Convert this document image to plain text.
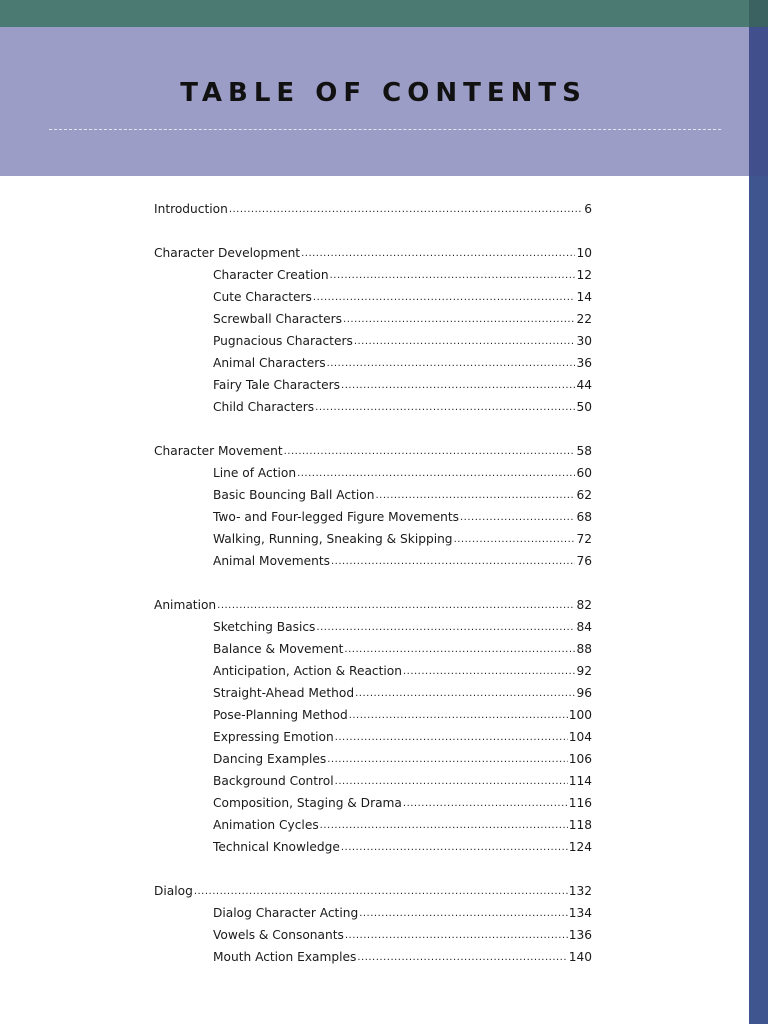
TABLE OF CONTENTS
Introduction .....	6
Character Development .....	10
Character Creation .....	12
Cute Characters .....	14
Screwball Characters .....	22
Pugnacious Characters .....	30
Animal Characters .....	36
Fairy Tale Characters .....	44
Child Characters .....	50
Character Movement .....	58
Line of Action .....	60
Basic Bouncing Ball Action .....	62
Two- and Four-legged Figure Movements .....	68
Walking, Running, Sneaking & Skipping .....	72
Animal Movements .....	76
Animation .....	82
Sketching Basics .....	84
Balance & Movement .....	88
Anticipation, Action & Reaction .....	92
Straight-Ahead Method .....	96
Pose-Planning Method .....	100
Expressing Emotion .....	104
Dancing Examples .....	106
Background Control .....	114
Composition, Staging & Drama .....	116
Animation Cycles .....	118
Technical Knowledge .....	124
Dialog .....	132
Dialog Character Acting .....	134
Vowels & Consonants .....	136
Mouth Action Examples .....	140
